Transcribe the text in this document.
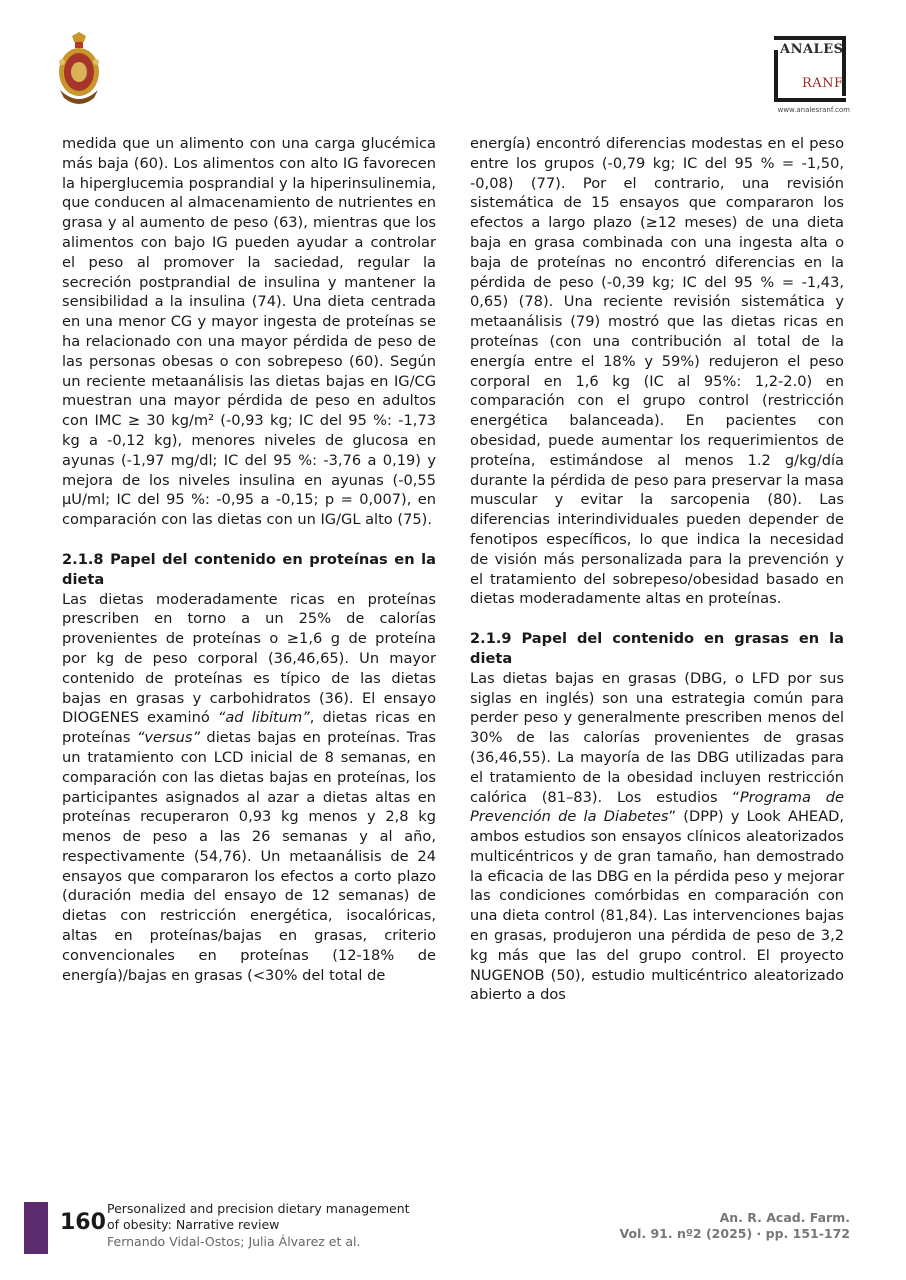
ANALES
RANF
www.analesranf.com

medida que un alimento con una carga glucémica más baja (60). Los alimentos con alto IG favorecen la hiperglucemia posprandial y la hiperinsulinemia, que conducen al almacenamiento de nutrientes en grasa y al aumento de peso (63), mientras que los alimentos con bajo IG pueden ayudar a controlar el peso al promover la saciedad, regular la secreción postprandial de insulina y mantener la sensibilidad a la insulina (74). Una dieta centrada en una menor CG y mayor ingesta de proteínas se ha relacionado con una mayor pérdida de peso de las personas obesas o con sobrepeso (60). Según un reciente metaanálisis las dietas bajas en IG/CG muestran una mayor pérdida de peso en adultos con IMC ≥ 30 kg/m² (-0,93 kg; IC del 95 %: -1,73 kg a -0,12 kg), menores niveles de glucosa en ayunas (-1,97 mg/dl; IC del 95 %: -3,76 a 0,19) y mejora de los niveles insulina en ayunas (-0,55 µU/ml; IC del 95 %: -0,95 a -0,15; p = 0,007), en comparación con las dietas con un IG/GL alto (75).

2.1.8 Papel del contenido en proteínas en la dieta

Las dietas moderadamente ricas en proteínas prescriben en torno a un 25% de calorías provenientes de proteínas o ≥1,6 g de proteína por kg de peso corporal (36,46,65). Un mayor contenido de proteínas es típico de las dietas bajas en grasas y carbohidratos (36). El ensayo DIOGENES examinó “ad libitum”, dietas ricas en proteínas “versus” dietas bajas en proteínas. Tras un tratamiento con LCD inicial de 8 semanas, en comparación con las dietas bajas en proteínas, los participantes asignados al azar a dietas altas en proteínas recuperaron 0,93 kg menos y 2,8 kg menos de peso a las 26 semanas y al año, respectivamente (54,76). Un metaanálisis de 24 ensayos que compararon los efectos a corto plazo (duración media del ensayo de 12 semanas) de dietas con restricción energética, isocalóricas, altas en proteínas/bajas en grasas, criterio convencionales en proteínas (12-18% de energía)/bajas en grasas (<30% del total de

energía) encontró diferencias modestas en el peso entre los grupos (-0,79 kg; IC del 95 % = -1,50, -0,08) (77). Por el contrario, una revisión sistemática de 15 ensayos que compararon los efectos a largo plazo (≥12 meses) de una dieta baja en grasa combinada con una ingesta alta o baja de proteínas no encontró diferencias en la pérdida de peso (-0,39 kg; IC del 95 % = -1,43, 0,65) (78). Una reciente revisión sistemática y metaanálisis (79) mostró que las dietas ricas en proteínas (con una contribución al total de la energía entre el 18% y 59%) redujeron el peso corporal en 1,6 kg (IC al 95%: 1,2-2.0) en comparación con el grupo control (restricción energética balanceada). En pacientes con obesidad, puede aumentar los requerimientos de proteína, estimándose al menos 1.2 g/kg/día durante la pérdida de peso para preservar la masa muscular y evitar la sarcopenia (80). Las diferencias interindividuales pueden depender de fenotipos específicos, lo que indica la necesidad de visión más personalizada para la prevención y el tratamiento del sobrepeso/obesidad basado en dietas moderadamente altas en proteínas.

2.1.9 Papel del contenido en grasas en la dieta

Las dietas bajas en grasas (DBG, o LFD por sus siglas en inglés) son una estrategia común para perder peso y generalmente prescriben menos del 30% de las calorías provenientes de grasas (36,46,55). La mayoría de las DBG utilizadas para el tratamiento de la obesidad incluyen restricción calórica (81–83). Los estudios “Programa de Prevención de la Diabetes” (DPP) y Look AHEAD, ambos estudios son ensayos clínicos aleatorizados multicéntricos y de gran tamaño, han demostrado la eficacia de las DBG en la pérdida peso y mejorar las condiciones comórbidas en comparación con una dieta control (81,84). Las intervenciones bajas en grasas, produjeron una pérdida de peso de 3,2 kg más que las del grupo control. El proyecto NUGENOB (50), estudio multicéntrico aleatorizado abierto a dos

160
Personalized and precision dietary management
of obesity: Narrative review
Fernando Vidal-Ostos; Julia Álvarez et al.
An. R. Acad. Farm.
Vol. 91. nº2 (2025) · pp. 151-172
